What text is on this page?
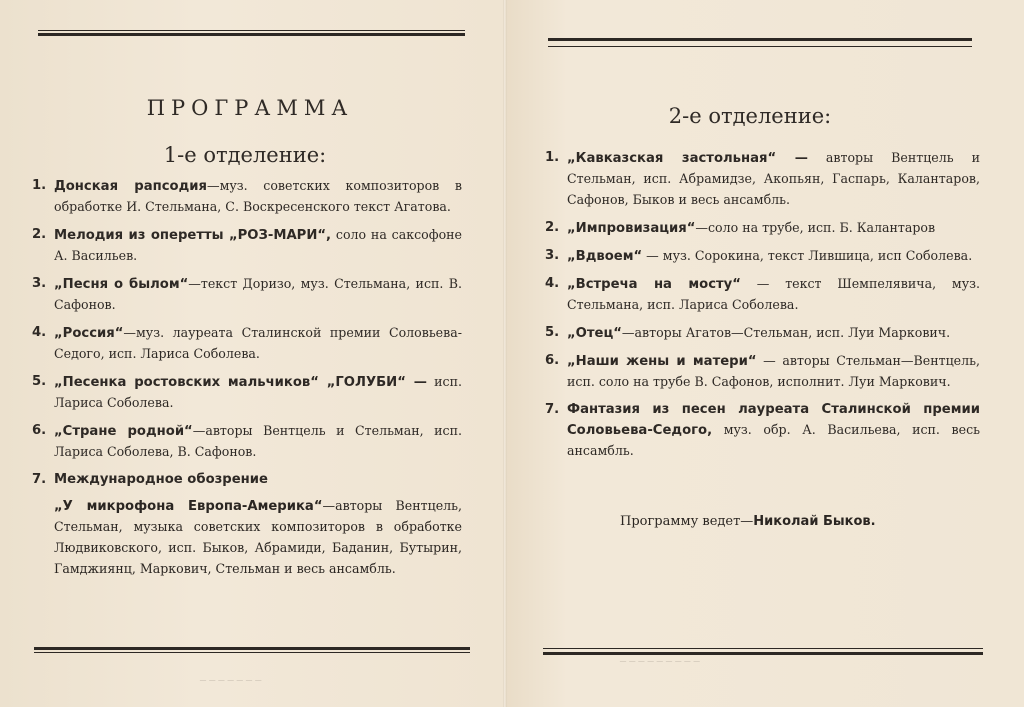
─ ─ ─ ─ ─ ─ ─
─ ─ ─ ─ ─ ─ ─ ─ ─
ПРОГРАММА
1-е отделение:
1. Донская рапсодия—муз. советских композиторов в обработке И. Стельмана, С. Воскресенского текст Агатова.
2. Мелодия из оперетты „РОЗ-МАРИ“, соло на саксофоне А. Васильев.
3. „Песня о былом“—текст Доризо, муз. Стельмана, исп. В. Сафонов.
4. „Россия“—муз. лауреата Сталинской премии Соловьева-Седого, исп. Лариса Соболева.
5. „Песенка ростовских мальчиков“ „ГОЛУБИ“ — исп. Лариса Соболева.
6. „Стране родной“—авторы Вентцель и Стельман, исп. Лариса Соболева, В. Сафонов.
7. Международное обозрение
„У микрофона Европа-Америка“—авторы Вентцель, Стельман, музыка советских композиторов в обработке Людвиковского, исп. Быков, Абрамиди, Баданин, Бутырин, Гамджиянц, Маркович, Стельман и весь ансамбль.
2-е отделение:
1. „Кавказская застольная“ — авторы Вентцель и Стельман, исп. Абрамидзе, Акопьян, Гаспарь, Калантаров, Сафонов, Быков и весь ансамбль.
2. „Импровизация“—соло на трубе, исп. Б. Калантаров
3. „Вдвоем“ — муз. Сорокина, текст Лившица, исп Соболева.
4. „Встреча на мосту“ — текст Шемпелявича, муз. Стельмана, исп. Лариса Соболева.
5. „Отец“—авторы Агатов—Стельман, исп. Луи Маркович.
6. „Наши жены и матери“ — авторы Стельман—Вентцель, исп. соло на трубе В. Сафонов, исполнит. Луи Маркович.
7. Фантазия из песен лауреата Сталинской премии Соловьева-Седого, муз. обр. А. Васильева, исп. весь ансамбль.
Программу ведет—Николай Быков.
